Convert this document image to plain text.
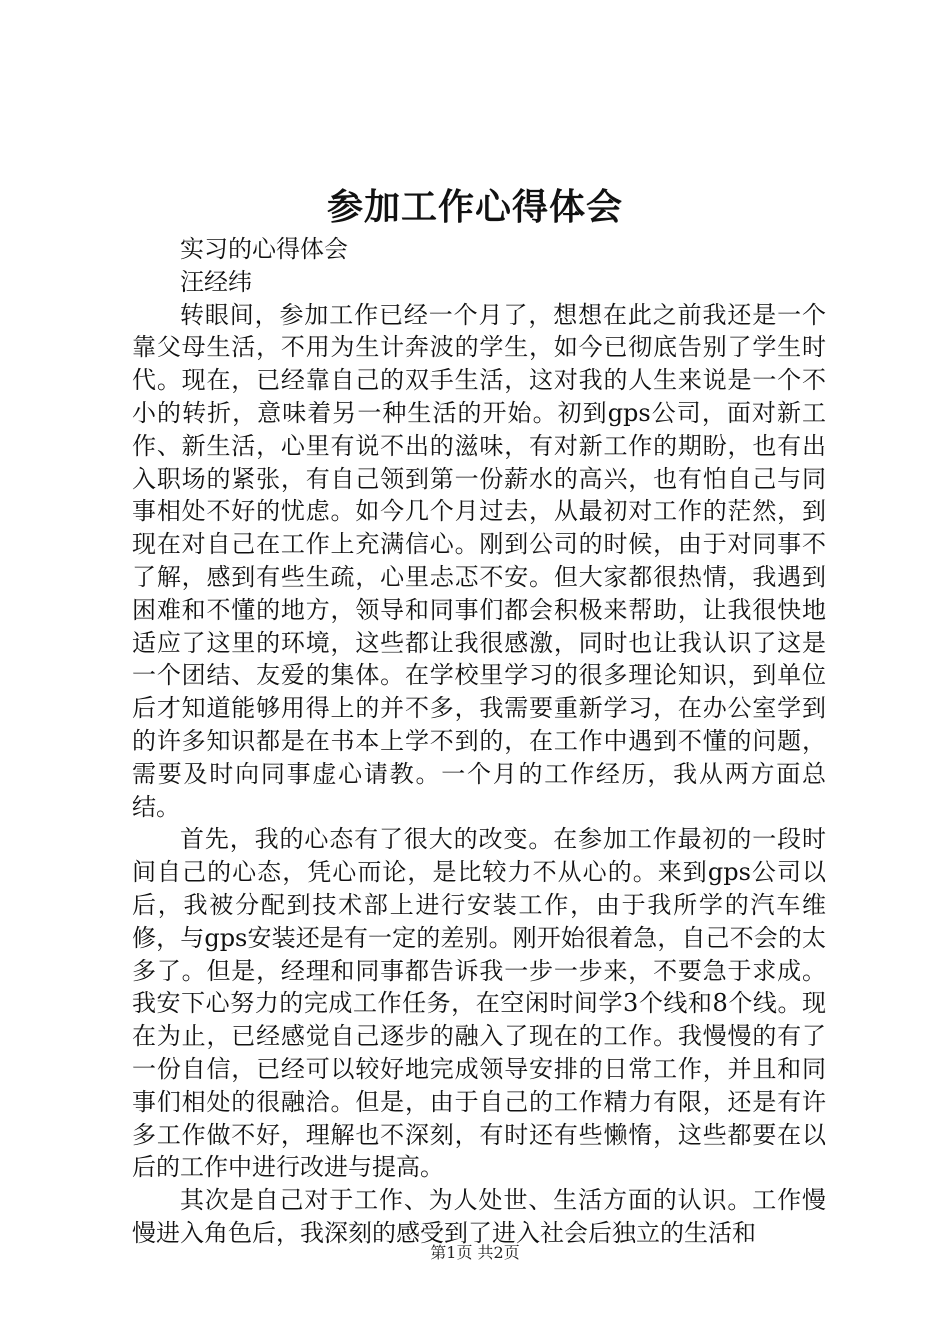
参加工作心得体会

实习的心得体会

汪经纬

转眼间，参加工作已经一个月了，想想在此之前我还是一个靠父母生活，不用为生计奔波的学生，如今已彻底告别了学生时代。现在，已经靠自己的双手生活，这对我的人生来说是一个不小的转折，意味着另一种生活的开始。初到gps公司，面对新工作、新生活，心里有说不出的滋味，有对新工作的期盼，也有出入职场的紧张，有自己领到第一份薪水的高兴，也有怕自己与同事相处不好的忧虑。如今几个月过去，从最初对工作的茫然，到现在对自己在工作上充满信心。刚到公司的时候，由于对同事不了解，感到有些生疏，心里忐忑不安。但大家都很热情，我遇到困难和不懂的地方，领导和同事们都会积极来帮助，让我很快地适应了这里的环境，这些都让我很感激，同时也让我认识了这是一个团结、友爱的集体。在学校里学习的很多理论知识，到单位后才知道能够用得上的并不多，我需要重新学习，在办公室学到的许多知识都是在书本上学不到的，在工作中遇到不懂的问题，需要及时向同事虚心请教。一个月的工作经历，我从两方面总结。

首先，我的心态有了很大的改变。在参加工作最初的一段时间自己的心态，凭心而论，是比较力不从心的。来到gps公司以后，我被分配到技术部上进行安装工作，由于我所学的汽车维修，与gps安装还是有一定的差别。刚开始很着急，自己不会的太多了。但是，经理和同事都告诉我一步一步来，不要急于求成。我安下心努力的完成工作任务，在空闲时间学3个线和8个线。现在为止，已经感觉自己逐步的融入了现在的工作。我慢慢的有了一份自信，已经可以较好地完成领导安排的日常工作，并且和同事们相处的很融洽。但是，由于自己的工作精力有限，还是有许多工作做不好，理解也不深刻，有时还有些懒惰，这些都要在以后的工作中进行改进与提高。

其次是自己对于工作、为人处世、生活方面的认识。工作慢慢进入角色后，我深刻的感受到了进入社会后独立的生活和

第1页 共2页
